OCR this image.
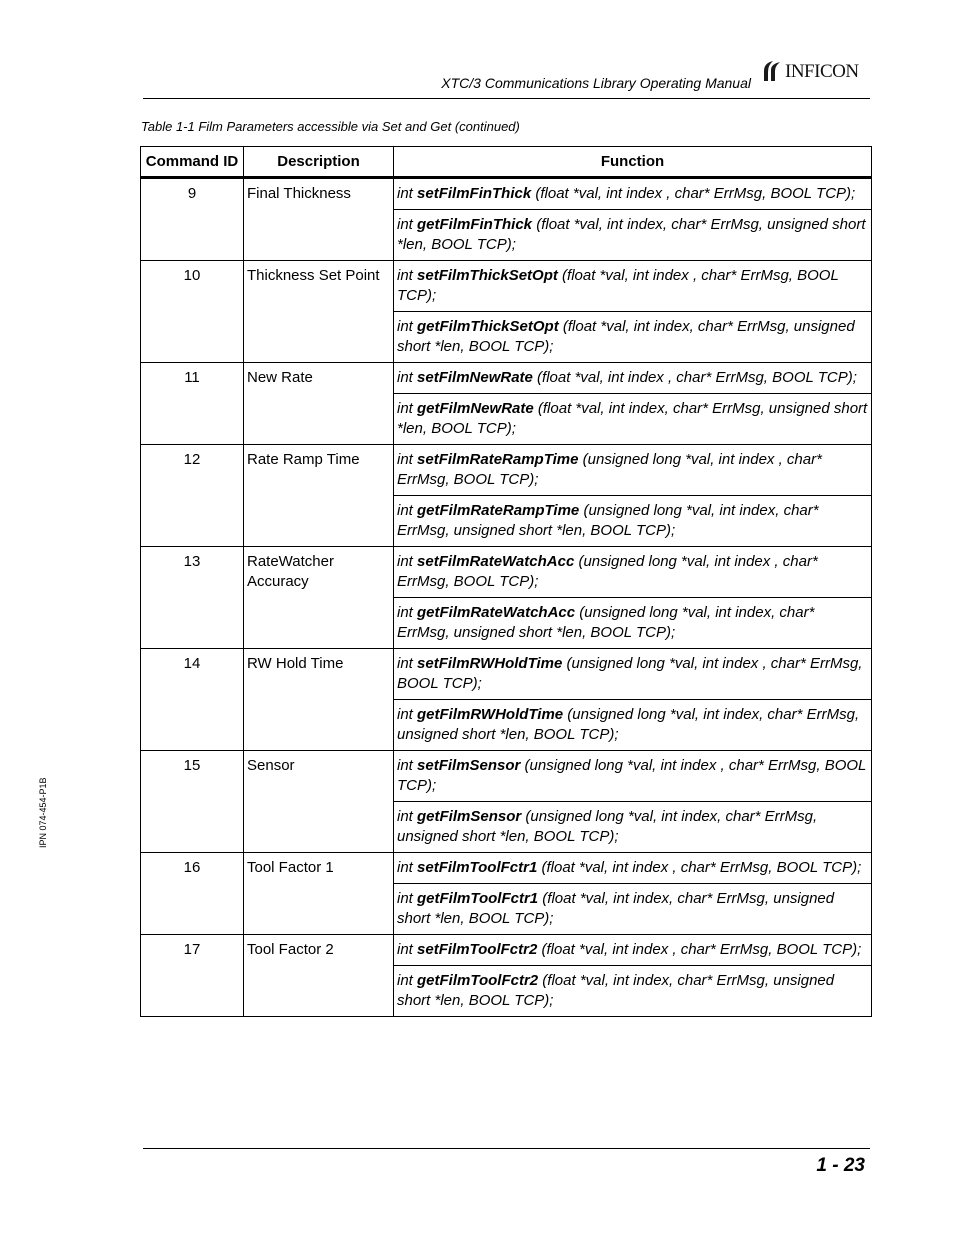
XTC/3 Communications Library Operating Manual
INFICON
Table 1-1 Film Parameters accessible via Set and Get (continued)
Command ID	Description	Function
9	Final Thickness	int setFilmFinThick (float *val, int index , char* ErrMsg, BOOL TCP);
		int getFilmFinThick (float *val, int index, char* ErrMsg, unsigned short *len, BOOL TCP);
10	Thickness Set Point	int setFilmThickSetOpt (float *val, int index , char* ErrMsg, BOOL TCP);
		int getFilmThickSetOpt (float *val, int index, char* ErrMsg, unsigned short *len, BOOL TCP);
11	New Rate	int setFilmNewRate (float *val, int index , char* ErrMsg, BOOL TCP);
		int getFilmNewRate (float *val, int index, char* ErrMsg, unsigned short *len, BOOL TCP);
12	Rate Ramp Time	int setFilmRateRampTime (unsigned long *val, int index , char* ErrMsg, BOOL TCP);
		int getFilmRateRampTime (unsigned long *val, int index, char* ErrMsg, unsigned short *len, BOOL TCP);
13	RateWatcher Accuracy	int setFilmRateWatchAcc (unsigned long *val, int index , char* ErrMsg, BOOL TCP);
		int getFilmRateWatchAcc (unsigned long *val, int index, char* ErrMsg, unsigned short *len, BOOL TCP);
14	RW Hold Time	int setFilmRWHoldTime (unsigned long *val, int index , char* ErrMsg, BOOL TCP);
		int getFilmRWHoldTime (unsigned long *val, int index, char* ErrMsg, unsigned short *len, BOOL TCP);
15	Sensor	int setFilmSensor (unsigned long *val, int index , char* ErrMsg, BOOL TCP);
		int getFilmSensor (unsigned long *val, int index, char* ErrMsg, unsigned short *len, BOOL TCP);
16	Tool Factor 1	int setFilmToolFctr1 (float *val, int index , char* ErrMsg, BOOL TCP);
		int getFilmToolFctr1 (float *val, int index, char* ErrMsg, unsigned short *len, BOOL TCP);
17	Tool Factor 2	int setFilmToolFctr2 (float *val, int index , char* ErrMsg, BOOL TCP);
		int getFilmToolFctr2 (float *val, int index, char* ErrMsg, unsigned short *len, BOOL TCP);
IPN 074-454-P1B
1 - 23
